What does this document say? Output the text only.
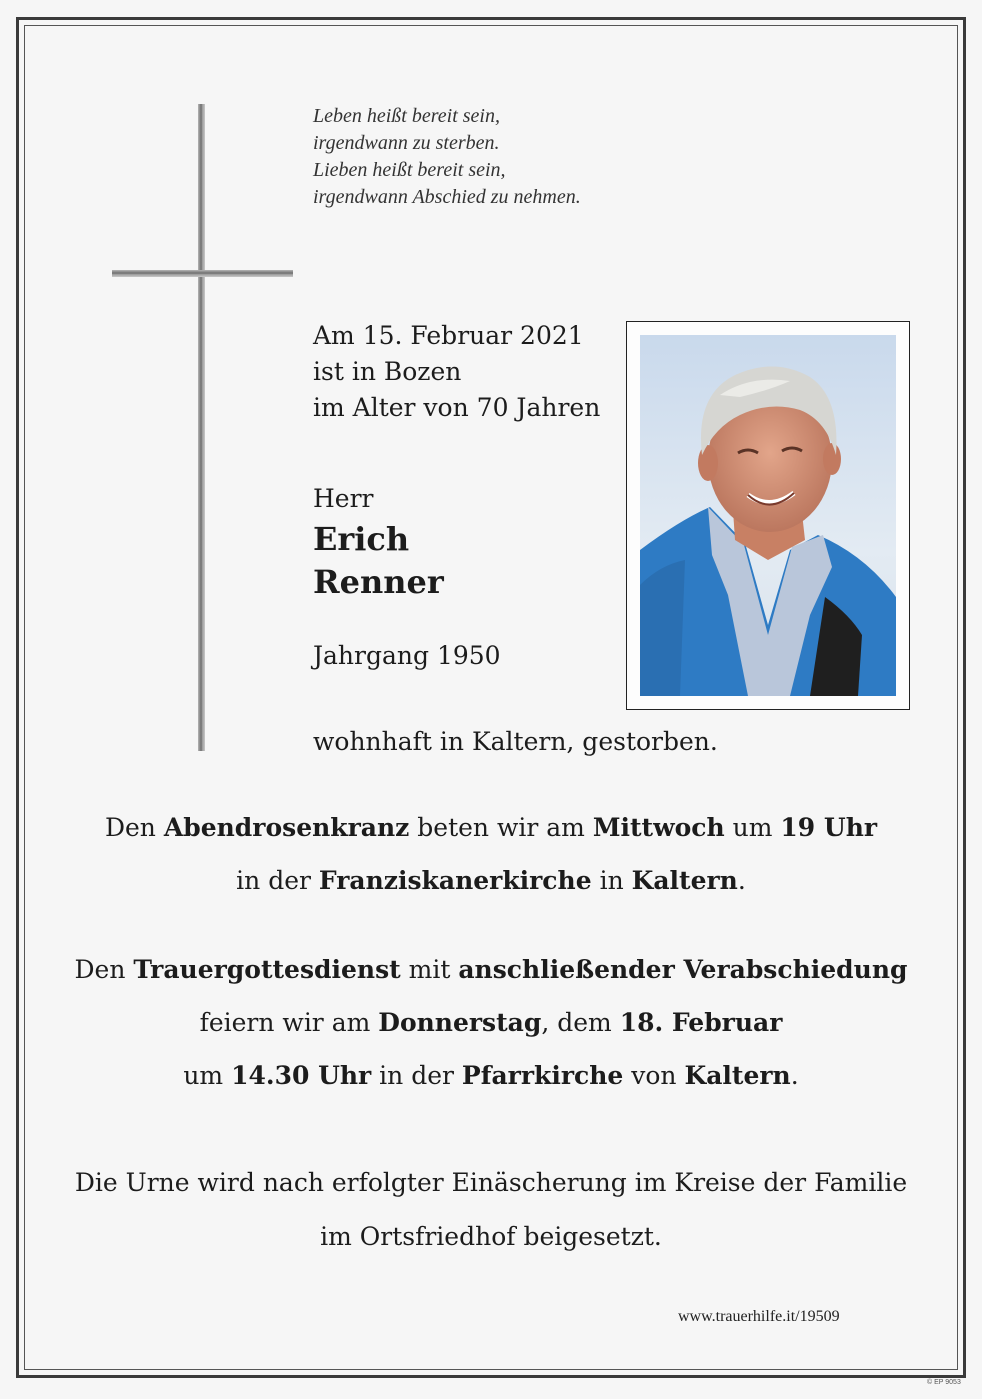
Leben heißt bereit sein,
irgendwann zu sterben.
Lieben heißt bereit sein,
irgendwann Abschied zu nehmen.
Am 15. Februar 2021
ist in Bozen
im Alter von 70 Jahren
Herr
Erich
Renner
Jahrgang 1950
wohnhaft in Kaltern, gestorben.
Den Abendrosenkranz beten wir am Mittwoch um 19 Uhr
in der Franziskanerkirche in Kaltern.
Den Trauergottesdienst mit anschließender Verabschiedung
feiern wir am Donnerstag, dem 18. Februar
um 14.30 Uhr in der Pfarrkirche von Kaltern.
Die Urne wird nach erfolgter Einäscherung im Kreise der Familie
im Ortsfriedhof beigesetzt.
www.trauerhilfe.it/19509
© EP 9053
